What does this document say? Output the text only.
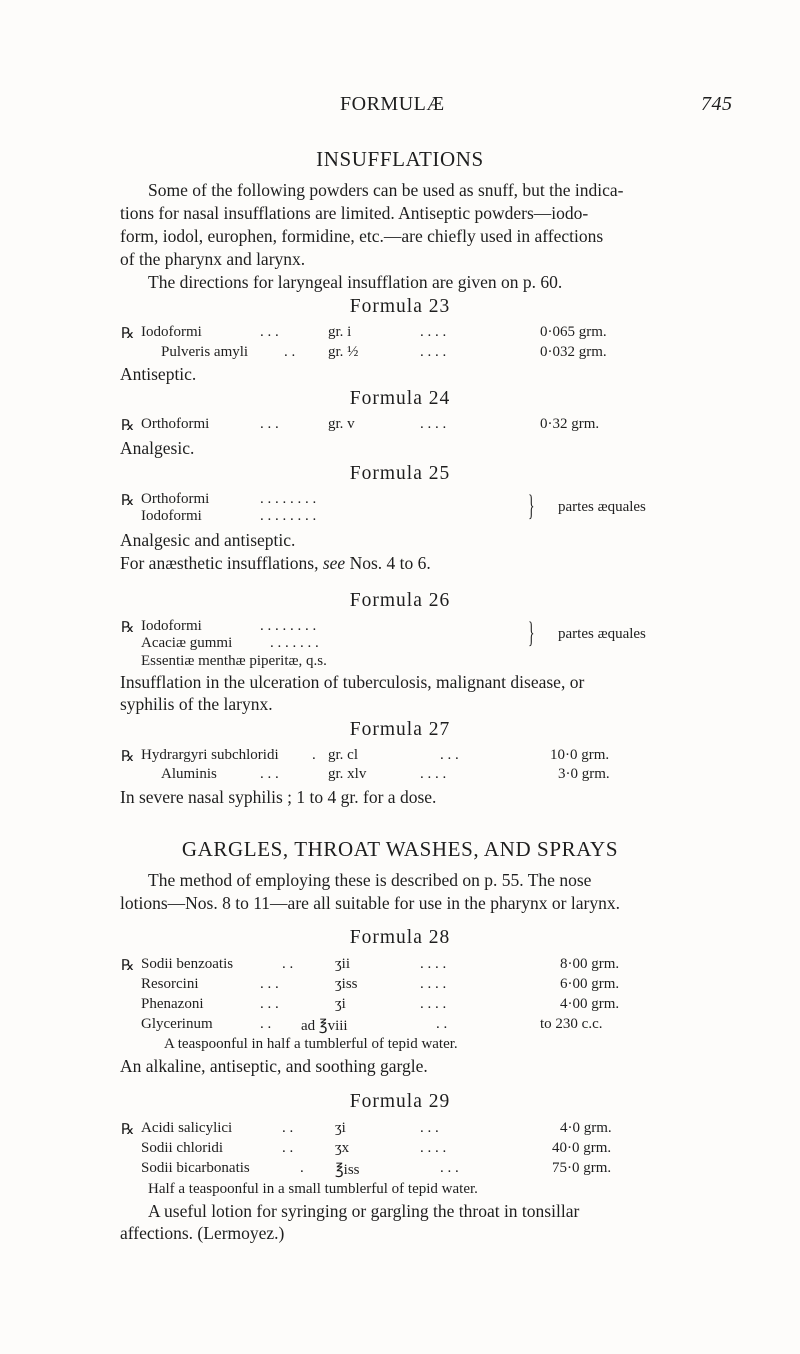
FORMULÆ	745
INSUFFLATIONS
Some of the following powders can be used as snuff, but the indica-
tions for nasal insufflations are limited. Antiseptic powders—iodo-
form, iodol, europhen, formidine, etc.—are chiefly used in affections
of the pharynx and larynx.
The directions for laryngeal insufflation are given on p. 60.
Formula 23
℞ Iodoformi	. . .	gr. i	. . . .	0·065 grm.
Pulveris amyli . . gr. ½	. . . .	0·032 grm.
Antiseptic.
Formula 24
℞ Orthoformi	. . .	gr. v	. . . .	0·32 grm.
Analgesic.
Formula 25
℞ Orthoformi	. . . . . . . .
Iodoformi	. . . . . . . .	} partes æquales
Analgesic and antiseptic.
For anæsthetic insufflations, see Nos. 4 to 6.
Formula 26
℞ Iodoformi	. . . . . . . .
Acaciæ gummi	. . . . . . .	} partes æquales
Essentiæ menthæ piperitæ, q.s.
Insufflation in the ulceration of tuberculosis, malignant disease, or
syphilis of the larynx.
Formula 27
℞ Hydrargyri subchloridi . gr. cl	. . .	10·0 grm.
Aluminis	. . .	gr. xlv	. . . .	3·0 grm.
In severe nasal syphilis ; 1 to 4 gr. for a dose.
GARGLES, THROAT WASHES, AND SPRAYS
The method of employing these is described on p. 55. The nose
lotions—Nos. 8 to 11—are all suitable for use in the pharynx or larynx.
Formula 28
℞ Sodii benzoatis	. .	ʒii	. . . .	8·00 grm.
Resorcini	. . .	ʒiss	. . . .	6·00 grm.
Phenazoni	. . .	ʒi	. . . .	4·00 grm.
Glycerinum	. . ad ℥viii	. .	to 230 c.c.
A teaspoonful in half a tumblerful of tepid water.
An alkaline, antiseptic, and soothing gargle.
Formula 29
℞ Acidi salicylici	. .	ʒi	. . .	4·0 grm.
Sodii chloridi	. .	ʒx	. . . .	40·0 grm.
Sodii bicarbonatis	. ℥iss	. . .	75·0 grm.
Half a teaspoonful in a small tumblerful of tepid water.
A useful lotion for syringing or gargling the throat in tonsillar
affections. (Lermoyez.)
